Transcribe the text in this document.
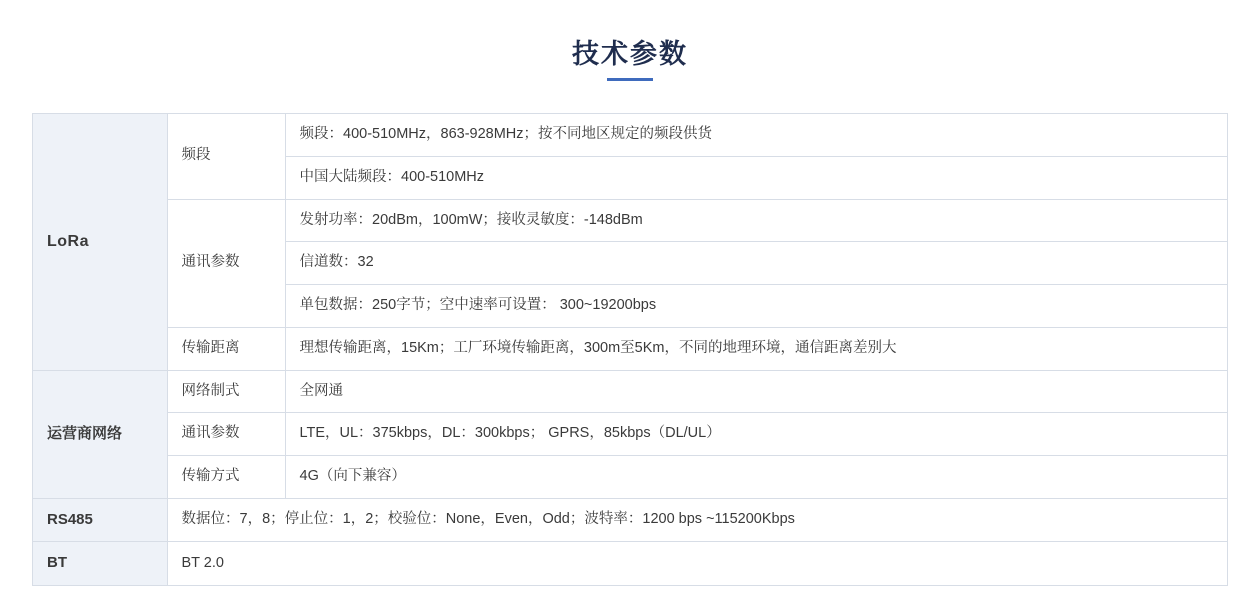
技术参数
LoRa	频段	频段：400-510MHz，863-928MHz；按不同地区规定的频段供货
		中国大陆频段：400-510MHz
	通讯参数	发射功率：20dBm，100mW；接收灵敏度：-148dBm
		信道数：32
		单包数据：250字节；空中速率可设置： 300~19200bps
	传输距离	理想传输距离，15Km；工厂环境传输距离，300m至5Km，不同的地理环境，通信距离差别大
运营商网络	网络制式	全网通
	通讯参数	LTE，UL：375kbps，DL：300kbps； GPRS，85kbps（DL/UL）
	传输方式	4G（向下兼容）
RS485	数据位：7，8；停止位：1，2；校验位：None，Even，Odd；波特率：1200 bps ~115200Kbps	
BT	BT 2.0	
